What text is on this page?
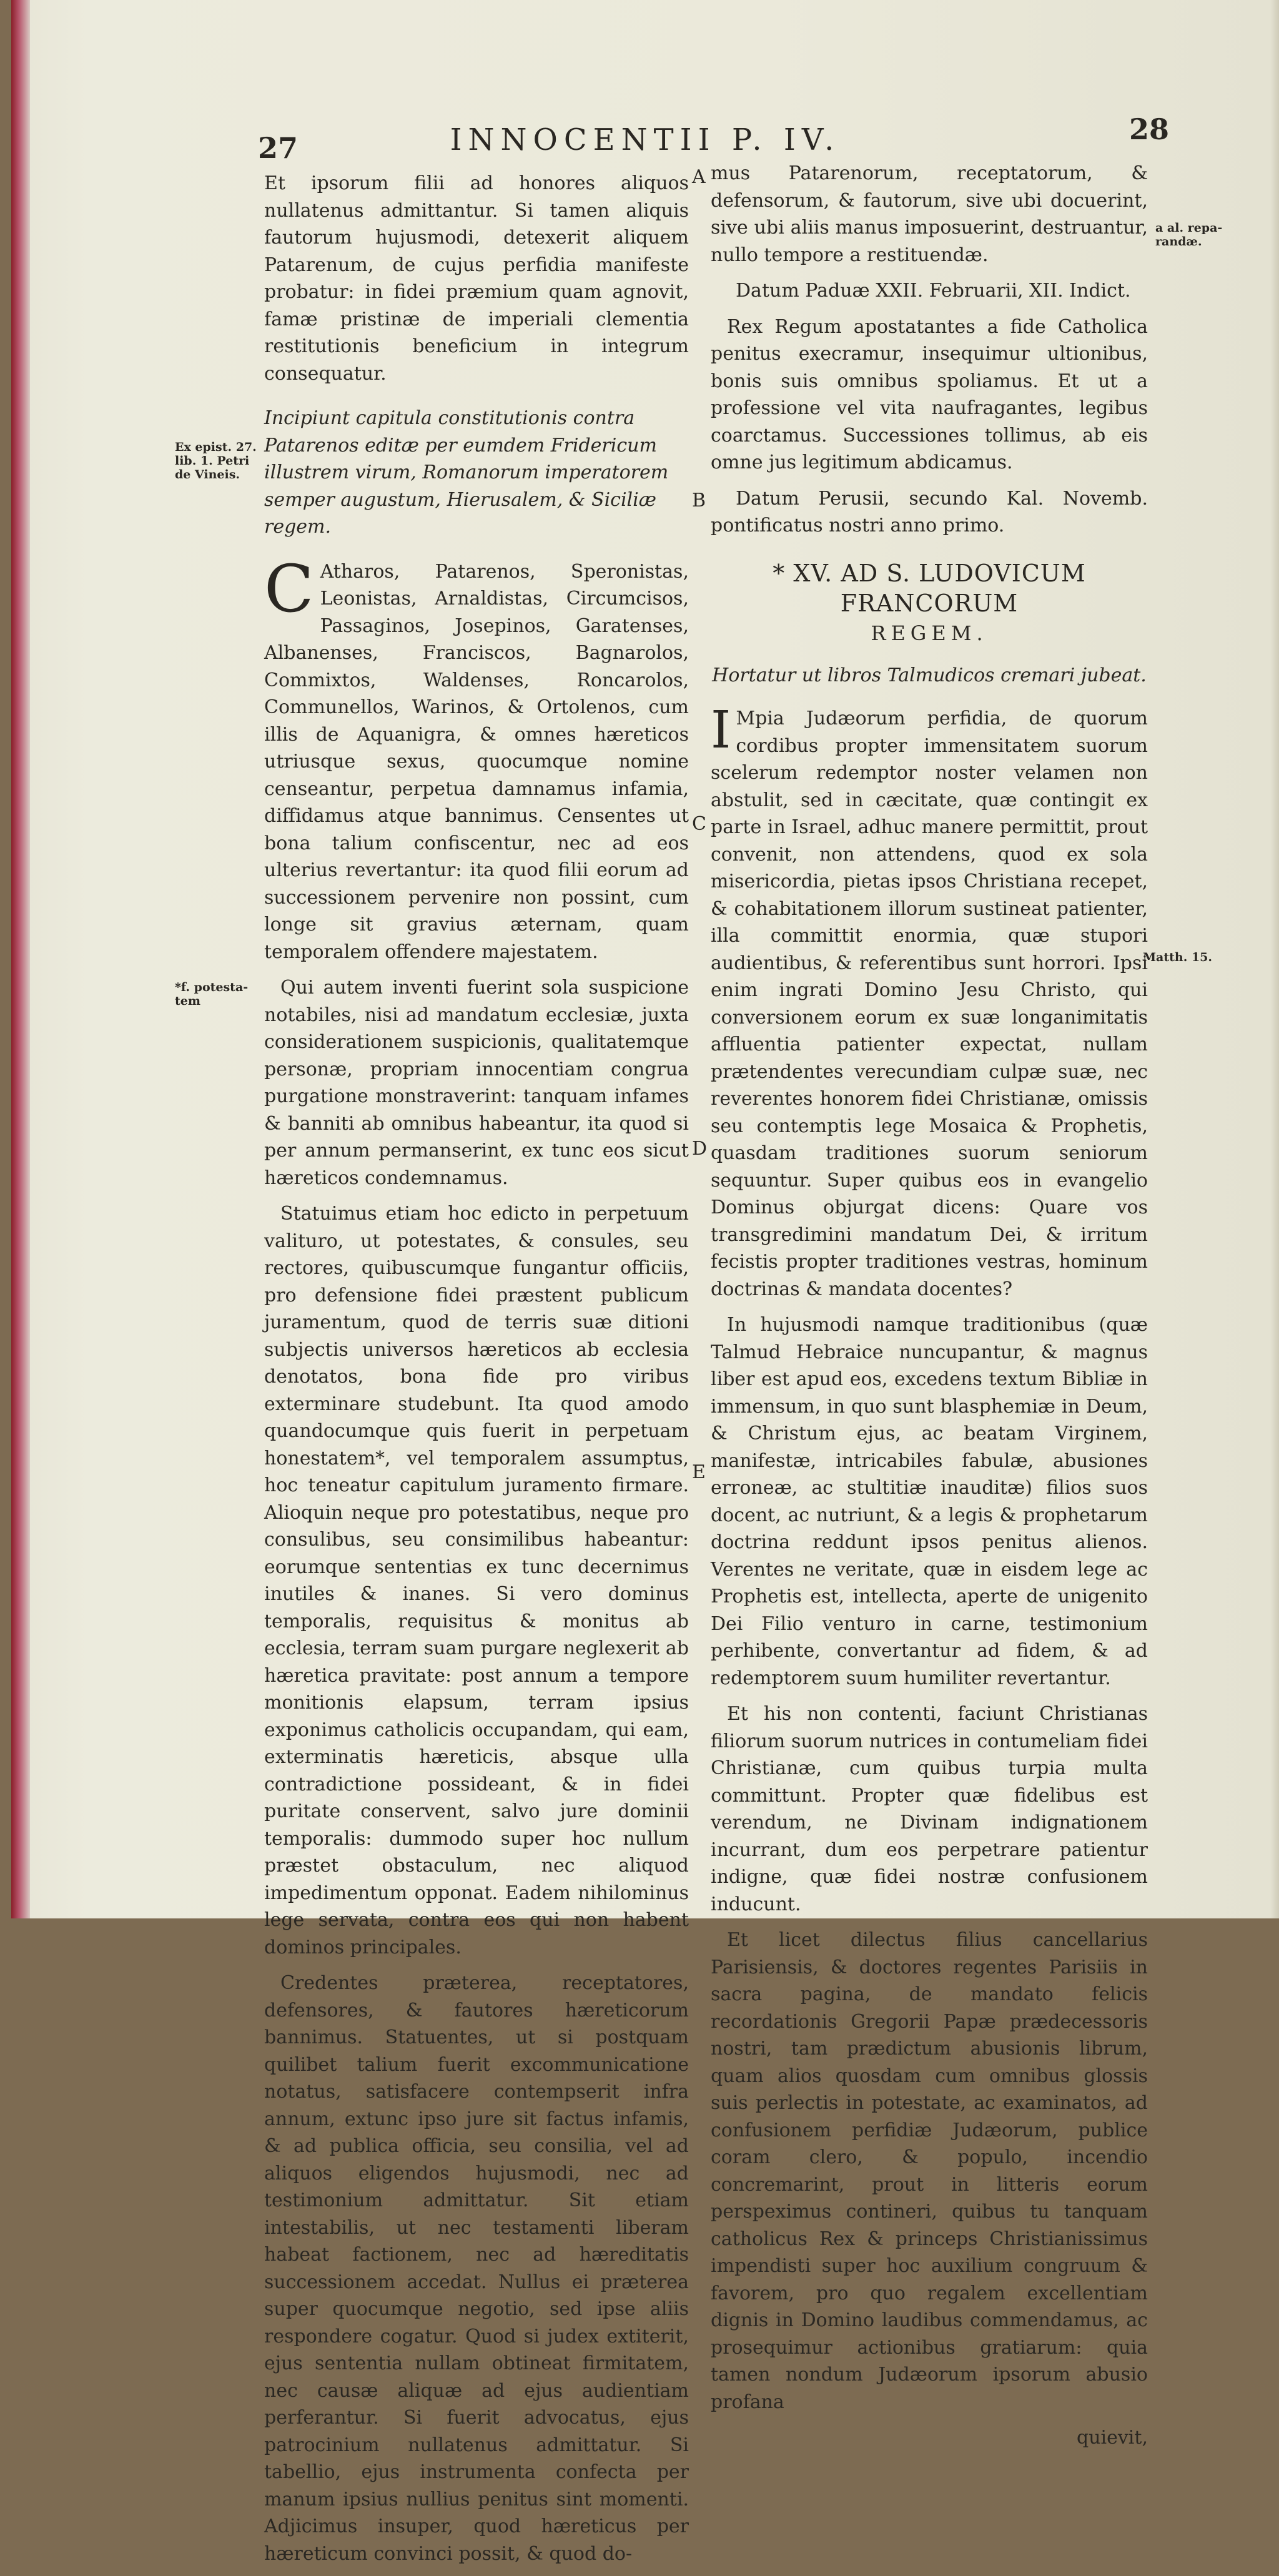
27	INNOCENTII P. IV.	28
Ex epist. 27. lib. 1. Petri de Vineis.
*f. potesta- tem
a al. repa- randæ.
Matth. 15.
A
B
C
D
E

Et ipsorum filii ad honores aliquos nullatenus admittantur. Si tamen aliquis fautorum hujusmodi, detexerit aliquem Patarenum, de cujus perfidia manifeste probatur: in fidei præmium quam agnovit, famæ pristinæ de imperiali clementia restitutionis beneficium in integrum consequatur.

Incipiunt capitula constitutionis contra Patarenos editæ per eumdem Fridericum illustrem virum, Romanorum imperatorem semper augustum, Hierusalem, & Siciliæ regem.

C Atharos, Patarenos, Speronistas, Leonistas, Arnaldistas, Circumcisos, Passaginos, Josepinos, Garatenses, Albanenses, Franciscos, Bagnarolos, Commixtos, Waldenses, Roncarolos, Communellos, Warinos, & Ortolenos, cum illis de Aquanigra, & omnes hæreticos utriusque sexus, quocumque nomine censeantur, perpetua damnamus infamia, diffidamus atque bannimus. Censentes ut bona talium confiscentur, nec ad eos ulterius revertantur: ita quod filii eorum ad successionem pervenire non possint, cum longe sit gravius æternam, quam temporalem offendere majestatem.

Qui autem inventi fuerint sola suspicione notabiles, nisi ad mandatum ecclesiæ, juxta considerationem suspicionis, qualitatemque personæ, propriam innocentiam congrua purgatione monstraverint: tanquam infames & banniti ab omnibus habeantur, ita quod si per annum permanserint, ex tunc eos sicut hæreticos condemnamus.

Statuimus etiam hoc edicto in perpetuum valituro, ut potestates, & consules, seu rectores, quibuscumque fungantur officiis, pro defensione fidei præstent publicum juramentum, quod de terris suæ ditioni subjectis universos hæreticos ab ecclesia denotatos, bona fide pro viribus exterminare studebunt. Ita quod amodo quandocumque quis fuerit in perpetuam honestatem*, vel temporalem assumptus, hoc teneatur capitulum juramento firmare. Alioquin neque pro potestatibus, neque pro consulibus, seu consimilibus habeantur: eorumque sententias ex tunc decernimus inutiles & inanes. Si vero dominus temporalis, requisitus & monitus ab ecclesia, terram suam purgare neglexerit ab hæretica pravitate: post annum a tempore monitionis elapsum, terram ipsius exponimus catholicis occupandam, qui eam, exterminatis hæreticis, absque ulla contradictione possideant, & in fidei puritate conservent, salvo jure dominii temporalis: dummodo super hoc nullum præstet obstaculum, nec aliquod impedimentum opponat. Eadem nihilominus lege servata, contra eos qui non habent dominos principales.

Credentes præterea, receptatores, defensores, & fautores hæreticorum bannimus. Statuentes, ut si postquam quilibet talium fuerit excommunicatione notatus, satisfacere contempserit infra annum, extunc ipso jure sit factus infamis, & ad publica officia, seu consilia, vel ad aliquos eligendos hujusmodi, nec ad testimonium admittatur. Sit etiam intestabilis, ut nec testamenti liberam habeat factionem, nec ad hæreditatis successionem accedat. Nullus ei præterea super quocumque negotio, sed ipse aliis respondere cogatur. Quod si judex extiterit, ejus sententia nullam obtineat firmitatem, nec causæ aliquæ ad ejus audientiam perferantur. Si fuerit advocatus, ejus patrocinium nullatenus admittatur. Si tabellio, ejus instrumenta confecta per manum ipsius nullius penitus sint momenti. Adjicimus insuper, quod hæreticus per hæreticum convinci possit, & quod do-

mus Patarenorum, receptatorum, & defensorum, & fautorum, sive ubi docuerint, sive ubi aliis manus imposuerint, destruantur, nullo tempore a restituendæ.

Datum Paduæ XXII. Februarii, XII. Indict.

Rex Regum apostatantes a fide Catholica penitus execramur, insequimur ultionibus, bonis suis omnibus spoliamus. Et ut a professione vel vita naufragantes, legibus coarctamus. Successiones tollimus, ab eis omne jus legitimum abdicamus.

Datum Perusii, secundo Kal. Novemb. pontificatus nostri anno primo.

* XV. AD S. LUDOVICUM FRANCORUM
REGEM.

Hortatur ut libros Talmudicos cremari jubeat.

I Mpia Judæorum perfidia, de quorum cordibus propter immensitatem suorum scelerum redemptor noster velamen non abstulit, sed in cæcitate, quæ contingit ex parte in Israel, adhuc manere permittit, prout convenit, non attendens, quod ex sola misericordia, pietas ipsos Christiana recepet, & cohabitationem illorum sustineat patienter, illa committit enormia, quæ stupori audientibus, & referentibus sunt horrori. Ipsi enim ingrati Domino Jesu Christo, qui conversionem eorum ex suæ longanimitatis affluentia patienter expectat, nullam prætendentes verecundiam culpæ suæ, nec reverentes honorem fidei Christianæ, omissis seu contemptis lege Mosaica & Prophetis, quasdam traditiones suorum seniorum sequuntur. Super quibus eos in evangelio Dominus objurgat dicens: Quare vos transgredimini mandatum Dei, & irritum fecistis propter traditiones vestras, hominum doctrinas & mandata docentes?

In hujusmodi namque traditionibus (quæ Talmud Hebraice nuncupantur, & magnus liber est apud eos, excedens textum Bibliæ in immensum, in quo sunt blasphemiæ in Deum, & Christum ejus, ac beatam Virginem, manifestæ, intricabiles fabulæ, abusiones erroneæ, ac stultitiæ inauditæ) filios suos docent, ac nutriunt, & a legis & prophetarum doctrina reddunt ipsos penitus alienos. Verentes ne veritate, quæ in eisdem lege ac Prophetis est, intellecta, aperte de unigenito Dei Filio venturo in carne, testimonium perhibente, convertantur ad fidem, & ad redemptorem suum humiliter revertantur.

Et his non contenti, faciunt Christianas filiorum suorum nutrices in contumeliam fidei Christianæ, cum quibus turpia multa committunt. Propter quæ fidelibus est verendum, ne Divinam indignationem incurrant, dum eos perpetrare patientur indigne, quæ fidei nostræ confusionem inducunt.

Et licet dilectus filius cancellarius Parisiensis, & doctores regentes Parisiis in sacra pagina, de mandato felicis recordationis Gregorii Papæ prædecessoris nostri, tam prædictum abusionis librum, quam alios quosdam cum omnibus glossis suis perlectis in potestate, ac examinatos, ad confusionem perfidiæ Judæorum, publice coram clero, & populo, incendio concremarint, prout in litteris eorum perspeximus contineri, quibus tu tanquam catholicus Rex & princeps Christianissimus impendisti super hoc auxilium congruum & favorem, pro quo regalem excellentiam dignis in Domino laudibus commendamus, ac prosequimur actionibus gratiarum: quia tamen nondum Judæorum ipsorum abusio profana

quievit,
